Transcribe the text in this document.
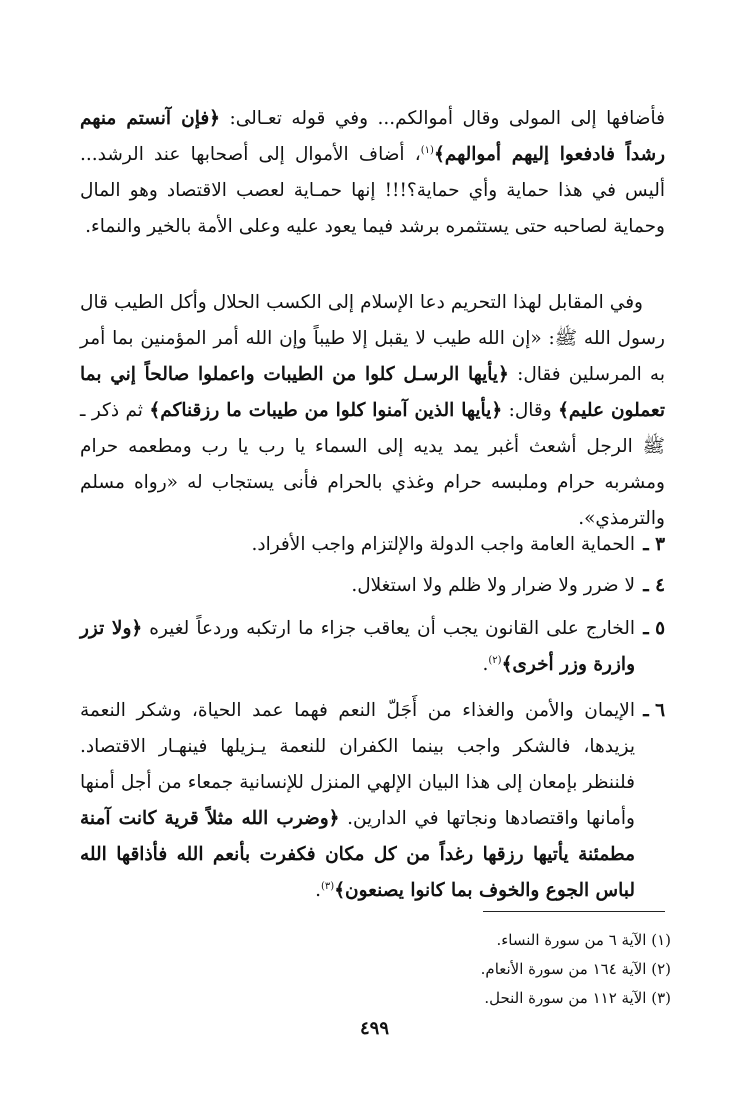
فأضافها إلى المولى وقال أموالكم... وفي قوله تعـالى: ﴿فإن آنستم منهم رشداً فادفعوا إليهم أموالهم﴾$^{(١)}$، أضاف الأموال إلى أصحابها عند الرشد... أليس في هذا حماية وأي حماية؟!!! إنها حمـاية لعصب الاقتصاد وهو المال وحماية لصاحبه حتى يستثمره برشد فيما يعود عليه وعلى الأمة بالخير والنماء.

وفي المقابل لهذا التحريم دعا الإسلام إلى الكسب الحلال وأكل الطيب قال رسول الله ﷺ: «إن الله طيب لا يقبل إلا طيباً وإن الله أمر المؤمنين بما أمر به المرسلين فقال: ﴿يأيها الرسـل كلوا من الطيبات واعملوا صالحاً إني بما تعملون عليم﴾ وقال: ﴿يأيها الذين آمنوا كلوا من طيبات ما رزقناكم﴾ ثم ذكر ـ ﷺ الرجل أشعث أغبر يمد يديه إلى السماء يا رب يا رب ومطعمه حرام ومشربه حرام وملبسه حرام وغذي بالحرام فأنى يستجاب له «رواه مسلم والترمذي».

٣ ـ
الحماية العامة واجب الدولة والإلتزام واجب الأفراد.
٤ ـ
لا ضرر ولا ضرار ولا ظلم ولا استغلال.
٥ ـ
الخارج على القانون يجب أن يعاقب جزاء ما ارتكبه وردعاً لغيره ﴿ولا تزر وازرة وزر أخرى﴾$^{(٢)}$.
٦ ـ
الإيمان والأمن والغذاء من أَجَلّ النعم فهما عمد الحياة، وشكر النعمة يزيدها، فالشكر واجب بينما الكفران للنعمة يـزيلها فينهـار الاقتصاد. فلننظر بإمعان إلى هذا البيان الإلهي المنزل للإنسانية جمعاء من أجل أمنها وأمانها واقتصادها ونجاتها في الدارين. ﴿وضرب الله مثلاً قرية كانت آمنة مطمئنة يأتيها رزقها رغداً من كل مكان فكفرت بأنعم الله فأذاقها الله لباس الجوع والخوف بما كانوا يصنعون﴾$^{(٣)}$.
(١) الآية ٦ من سورة النساء.
(٢) الآية ١٦٤ من سورة الأنعام.
(٣) الآية ١١٢ من سورة النحل.
٤٩٩
